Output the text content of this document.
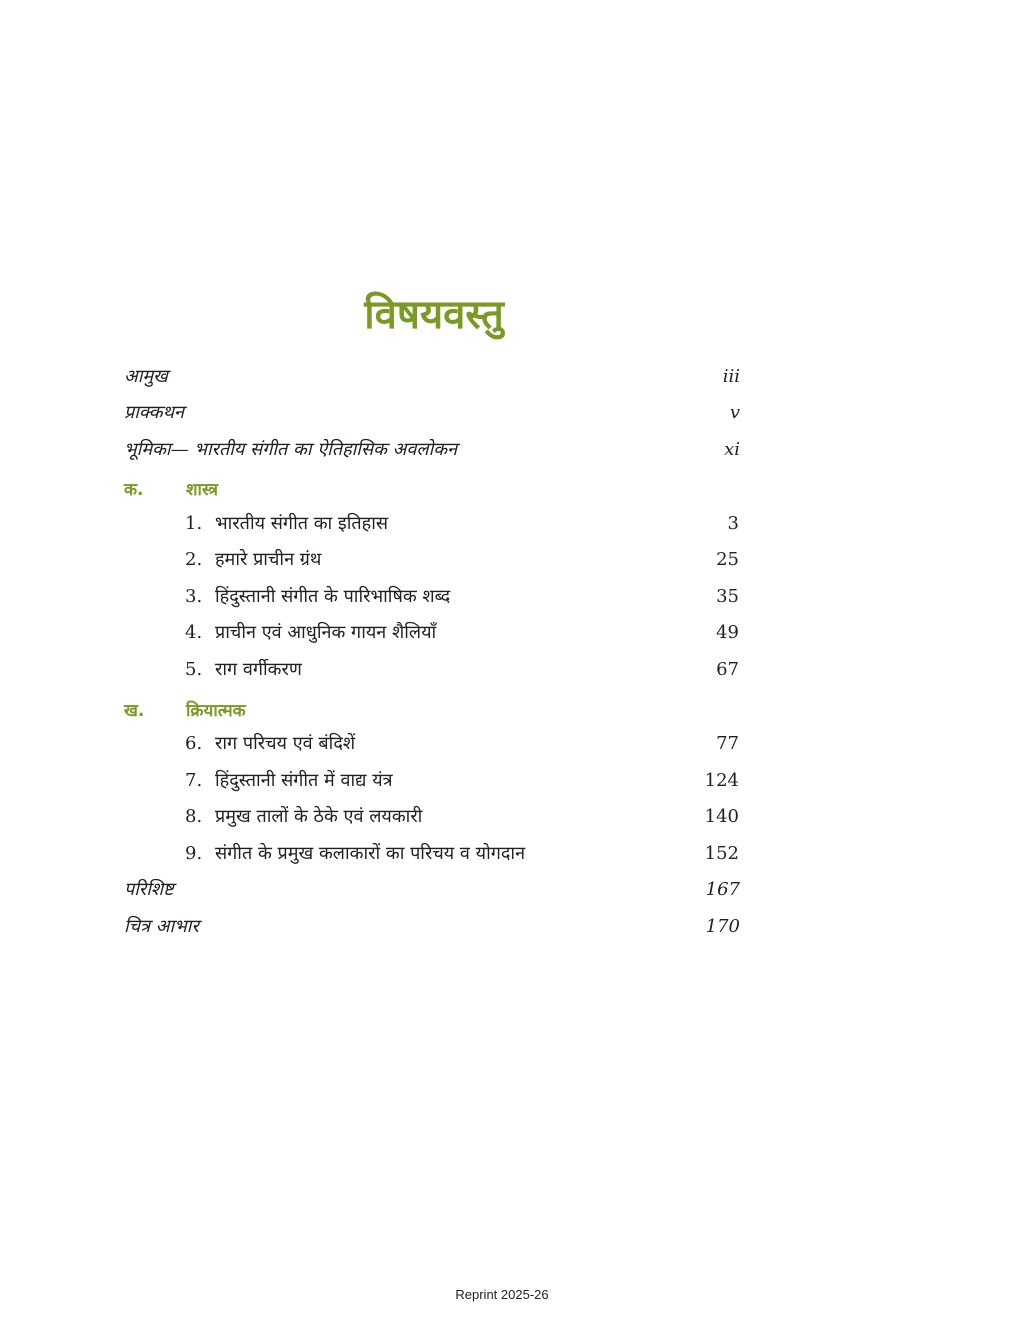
विषयवस्तु
आमुख	iii
प्राक्कथन	v
भूमिका— भारतीय संगीत का ऐतिहासिक अवलोकन	xi
क. शास्त्र
1. भारतीय संगीत का इतिहास	3
2. हमारे प्राचीन ग्रंथ	25
3. हिंदुस्तानी संगीत के पारिभाषिक शब्द	35
4. प्राचीन एवं आधुनिक गायन शैलियाँ	49
5. राग वर्गीकरण	67
ख. क्रियात्मक
6. राग परिचय एवं बंदिशें	77
7. हिंदुस्तानी संगीत में वाद्य यंत्र	124
8. प्रमुख तालों के ठेके एवं लयकारी	140
9. संगीत के प्रमुख कलाकारों का परिचय व योगदान	152
परिशिष्ट	167
चित्र आभार	170
Reprint 2025-26
